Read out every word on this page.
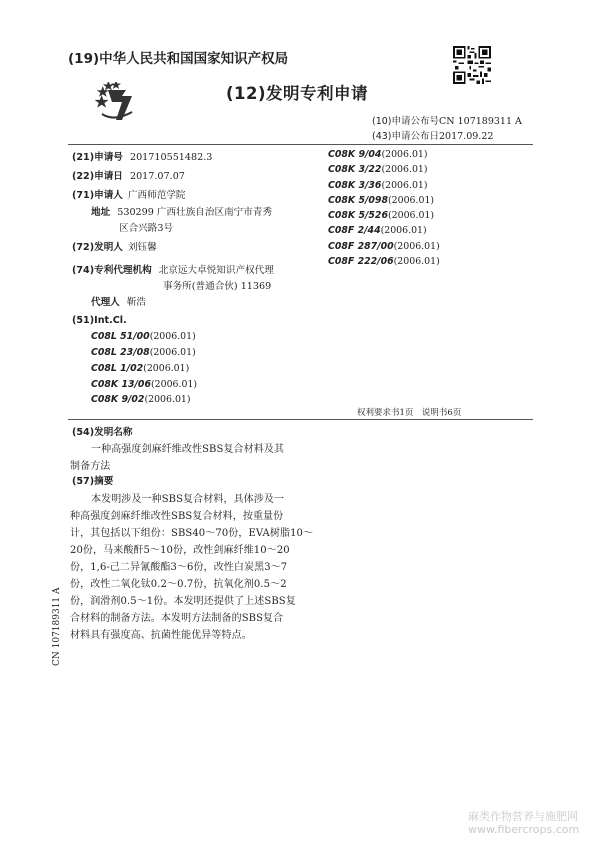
(19)中华人民共和国国家知识产权局
(12)发明专利申请
(10)申请公布号CN 107189311 A
(43)申请公布日2017.09.22
(21)申请号 201710551482.3
(22)申请日 2017.07.07
(71)申请人 广西师范学院
地址 530299 广西壮族自治区南宁市青秀
区合兴路3号
(72)发明人 刘钰馨
(74)专利代理机构 北京远大卓悦知识产权代理
事务所(普通合伙) 11369
代理人 靳浩
(51)Int.Cl.
C08L 51/00(2006.01)
C08L 23/08(2006.01)
C08L 1/02(2006.01)
C08K 13/06(2006.01)
C08K 9/02(2006.01)
C08K 9/04(2006.01)
C08K 3/22(2006.01)
C08K 3/36(2006.01)
C08K 5/098(2006.01)
C08K 5/526(2006.01)
C08F 2/44(2006.01)
C08F 287/00(2006.01)
C08F 222/06(2006.01)
权利要求书1页　说明书6页
(54)发明名称
一种高强度剑麻纤维改性SBS复合材料及其
制备方法
(57)摘要
本发明涉及一种SBS复合材料，具体涉及一
种高强度剑麻纤维改性SBS复合材料，按重量份
计，其包括以下组份：SBS40～70份，EVA树脂10～
20份，马来酸酐5～10份，改性剑麻纤维10～20
份，1,6-己二异氰酸酯3～6份，改性白炭黑3～7
份，改性二氧化钛0.2～0.7份，抗氧化剂0.5～2
份，润滑剂0.5～1份。本发明还提供了上述SBS复
合材料的制备方法。本发明方法制备的SBS复合
材料具有强度高、抗菌性能优异等特点。
CN 107189311 A
麻类作物营养与施肥网
www.fibercrops.com
